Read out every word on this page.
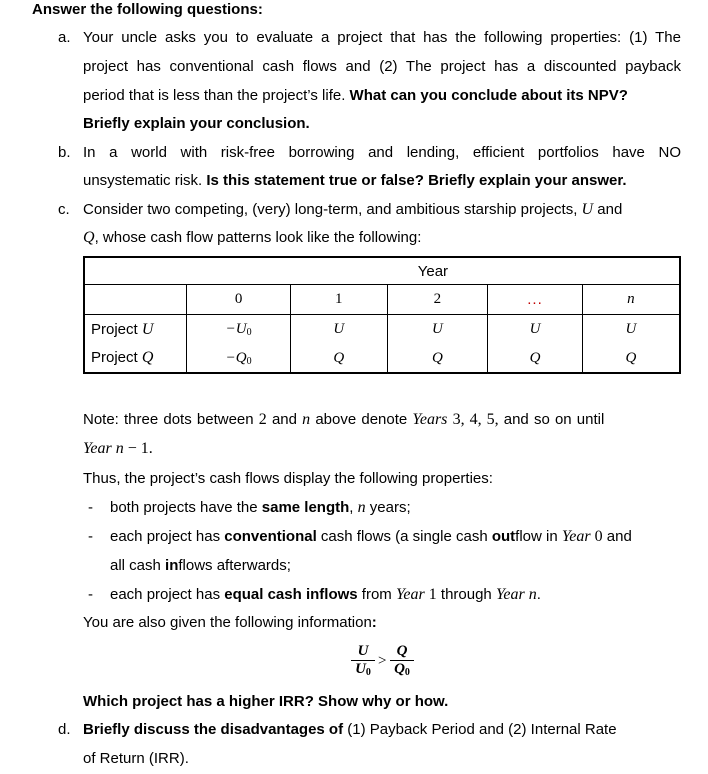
Answer the following questions:
a. Your uncle asks you to evaluate a project that has the following properties: (1) The
project has conventional cash flows and (2) The project has a discounted payback
period that is less than the project’s life. What can you conclude about its NPV?
Briefly explain your conclusion.
b. In a world with risk-free borrowing and lending, efficient portfolios have NO
unsystematic risk. Is this statement true or false? Briefly explain your answer.
c. Consider two competing, (very) long-term, and ambitious starship projects, U and
Q, whose cash flow patterns look like the following:
	Year				
	0	1	2	...	n
Project U	$-U_0$	U	U	U	U
Project Q	$-Q_0$	Q	Q	Q	Q
Note: three dots between 2 and n above denote Years 3, 4, 5, and so on until
Year n − 1.
Thus, the project’s cash flows display the following properties:
- both projects have the same length, n years;
- each project has conventional cash flows (a single cash outflow in Year 0 and
all cash inflows afterwards;
- each project has equal cash inflows from Year 1 through Year n.
You are also given the following information:
$\frac{U}{U_0} > \frac{Q}{Q_0}$
Which project has a higher IRR? Show why or how.
d. Briefly discuss the disadvantages of (1) Payback Period and (2) Internal Rate
of Return (IRR).
